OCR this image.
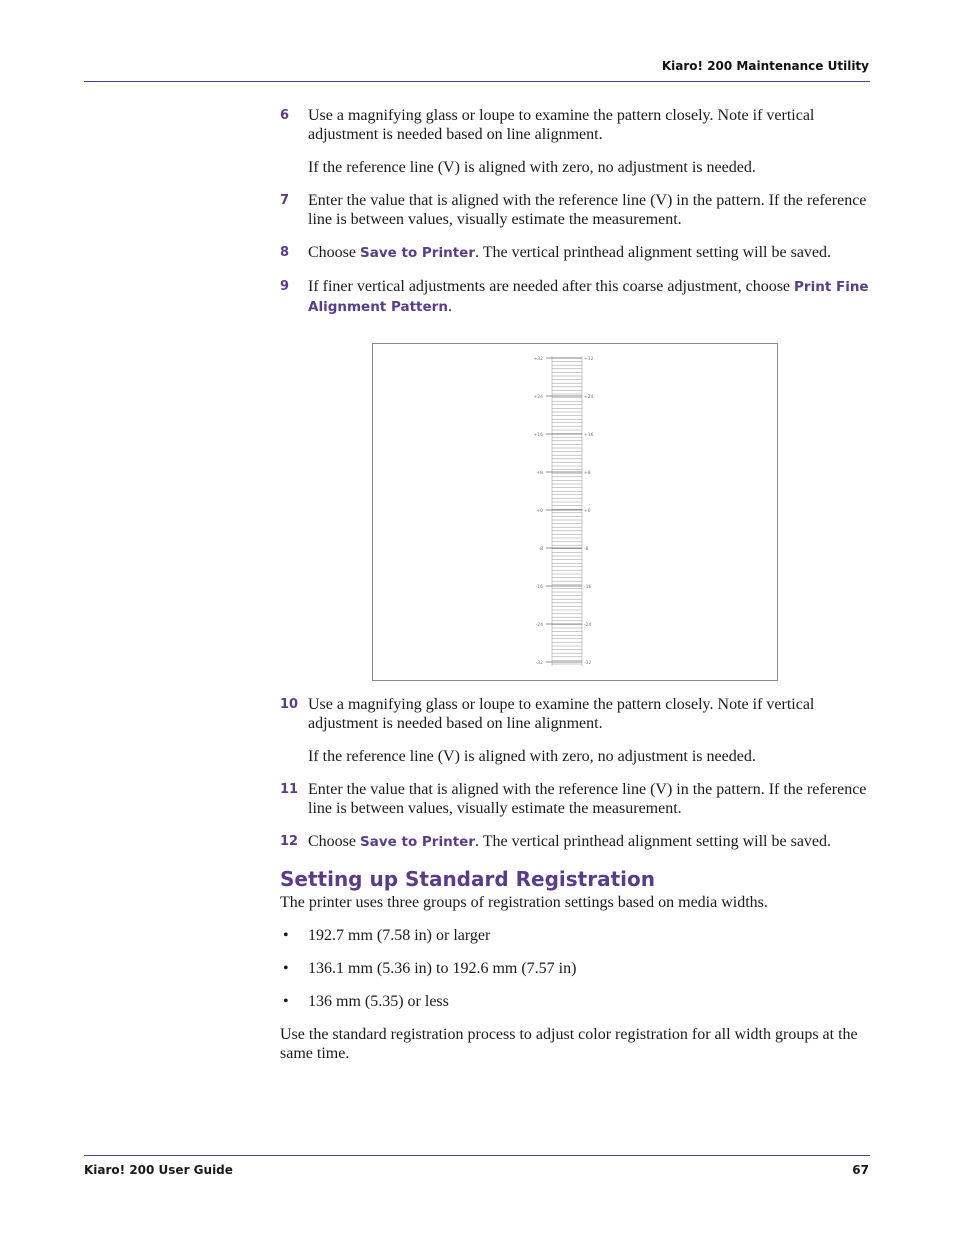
Kiaro! 200 Maintenance Utility
6 Use a magnifying glass or loupe to examine the pattern closely. Note if vertical adjustment is needed based on line alignment.
If the reference line (V) is aligned with zero, no adjustment is needed.
7 Enter the value that is aligned with the reference line (V) in the pattern. If the reference line is between values, visually estimate the measurement.
8 Choose Save to Printer. The vertical printhead alignment setting will be saved.
9 If finer vertical adjustments are needed after this coarse adjustment, choose Print Fine Alignment Pattern.
+32	+32
+24	+24
+16	+16
+8	+8
+0	+0
-8	-8
-16	-16
-24	-24
-32	-32
10 Use a magnifying glass or loupe to examine the pattern closely. Note if vertical adjustment is needed based on line alignment.
If the reference line (V) is aligned with zero, no adjustment is needed.
11 Enter the value that is aligned with the reference line (V) in the pattern. If the reference line is between values, visually estimate the measurement.
12 Choose Save to Printer. The vertical printhead alignment setting will be saved.
Setting up Standard Registration
The printer uses three groups of registration settings based on media widths.
• 192.7 mm (7.58 in) or larger
• 136.1 mm (5.36 in) to 192.6 mm (7.57 in)
• 136 mm (5.35) or less
Use the standard registration process to adjust color registration for all width groups at the same time.
Kiaro! 200 User Guide	67
